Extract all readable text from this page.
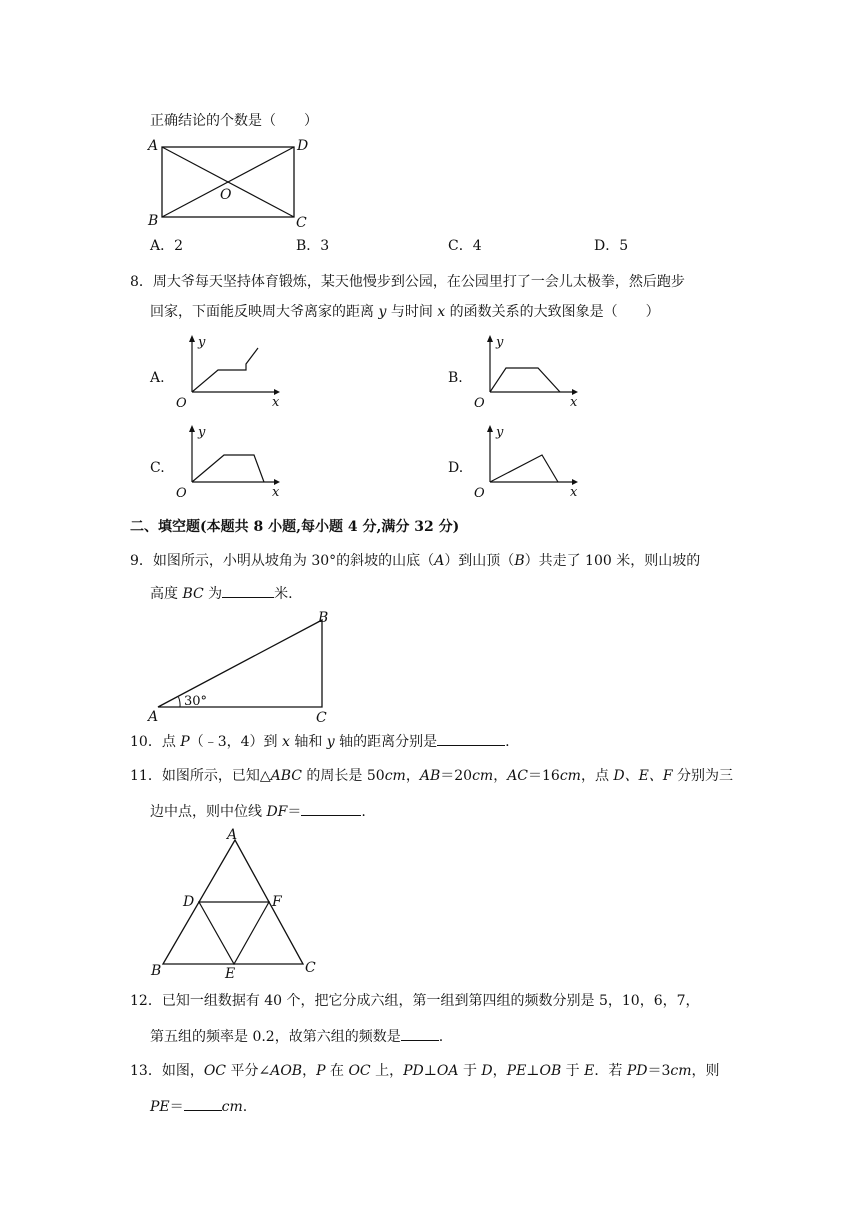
正确结论的个数是（　　）
A	D
B	C
O
A．2	B．3	C．4	D．5
8．周大爷每天坚持体育锻炼，某天他慢步到公园，在公园里打了一会儿太极拳，然后跑步
回家，下面能反映周大爷离家的距离 y 与时间 x 的函数关系的大致图象是（　　）
A.
y
x
O
B.
y
x
O
C.
y
x
O
D.
y
x
O
二、填空题(本题共 8 小题,每小题 4 分,满分 32 分)
9．如图所示，小明从坡角为 30°的斜坡的山底（A）到山顶（B）共走了 100 米，则山坡的
高度 BC 为	米.
30°
A
B
C
10．点 P（﹣3，4）到 x 轴和 y 轴的距离分别是	.
11．如图所示，已知△ABC 的周长是 50cm，AB＝20cm，AC＝16cm，点 D、E、F 分别为三
边中点，则中位线 DF＝	.
A
D	F
B	E	C
12．已知一组数据有 40 个，把它分成六组，第一组到第四组的频数分别是 5，10，6，7，
第五组的频率是 0.2，故第六组的频数是	.
13．如图，OC 平分∠AOB，P 在 OC 上，PD⊥OA 于 D，PE⊥OB 于 E．若 PD＝3cm，则
PE＝	cm.
